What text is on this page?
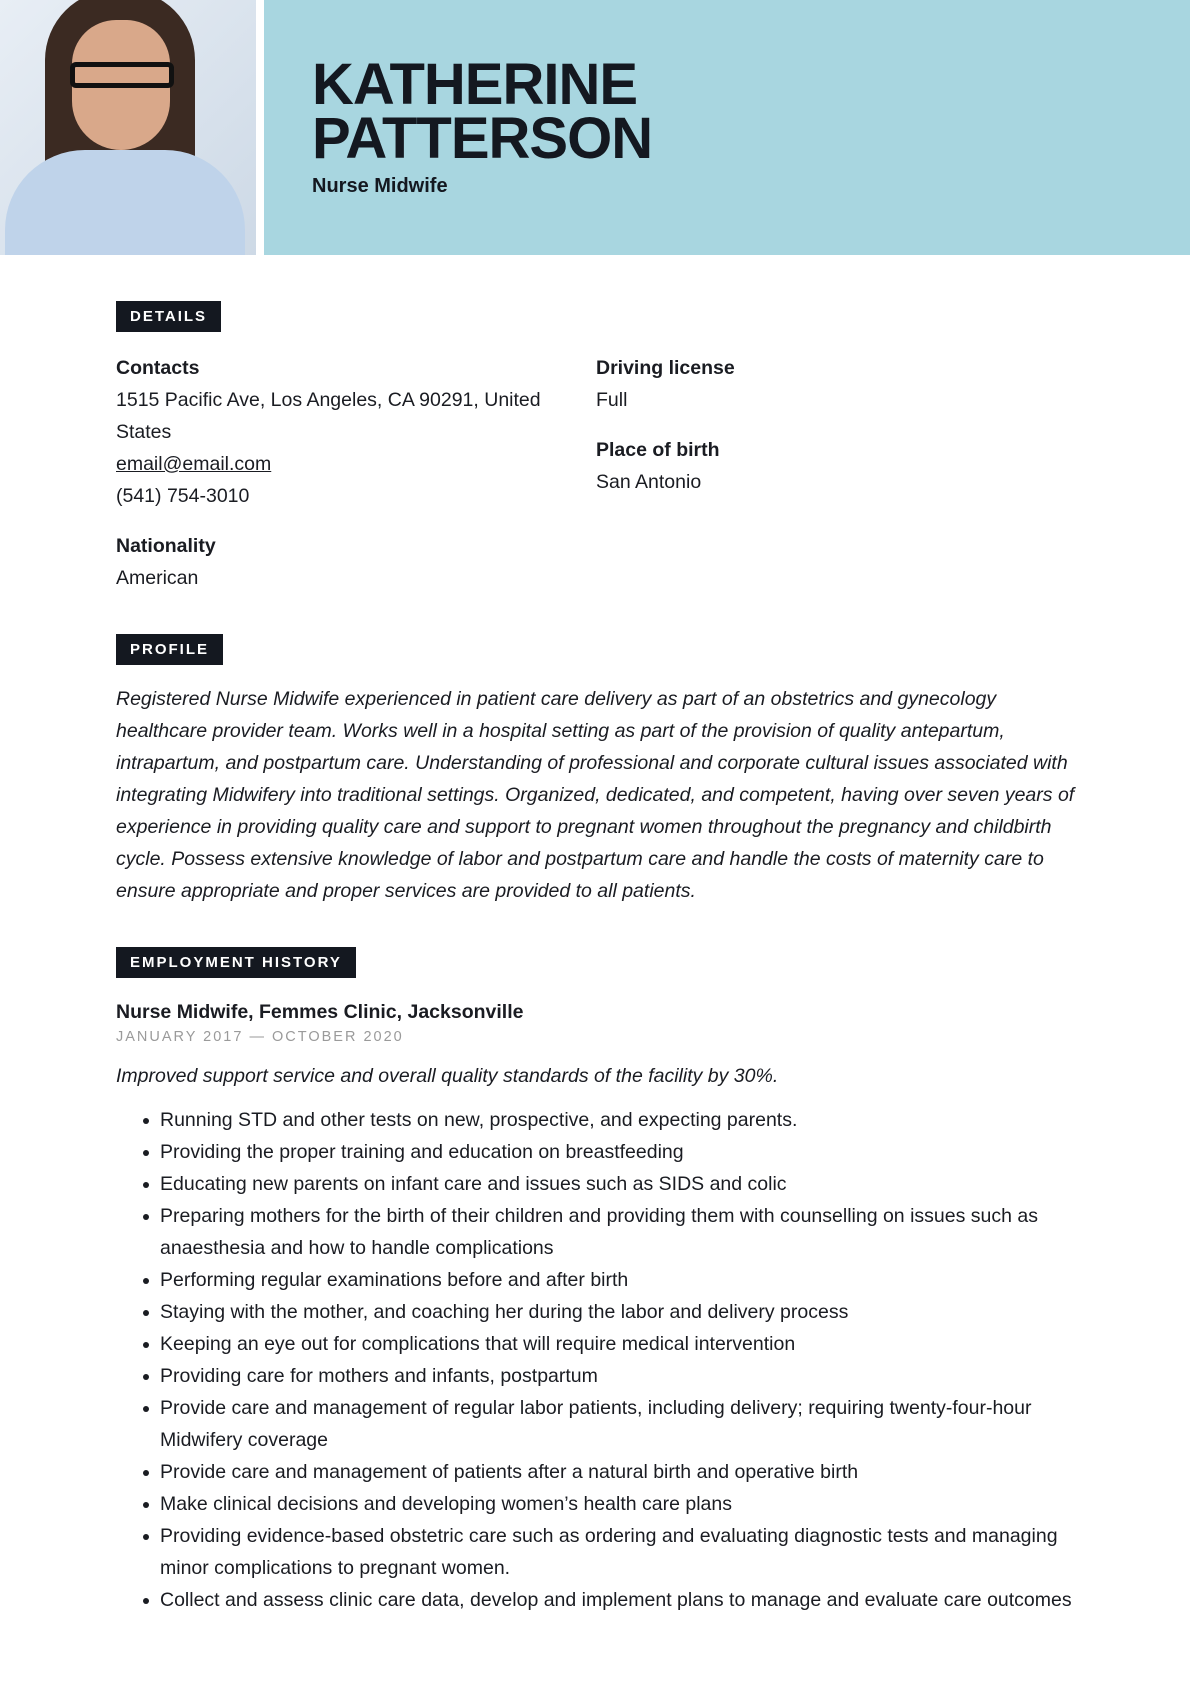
KATHERINE
PATTERSON
Nurse Midwife
DETAILS
Contacts
1515 Pacific Ave, Los Angeles, CA 90291, United States
email@email.com
(541) 754-3010
Nationality
American
Driving license
Full
Place of birth
San Antonio
PROFILE
Registered Nurse Midwife experienced in patient care delivery as part of an obstetrics and gynecology healthcare provider team. Works well in a hospital setting as part of the provision of quality antepartum, intrapartum, and postpartum care. Understanding of professional and corporate cultural issues associated with integrating Midwifery into traditional settings. Organized, dedicated, and competent, having over seven years of experience in providing quality care and support to pregnant women throughout the pregnancy and childbirth cycle. Possess extensive knowledge of labor and postpartum care and handle the costs of maternity care to ensure appropriate and proper services are provided to all patients.
EMPLOYMENT HISTORY
Nurse Midwife, Femmes Clinic, Jacksonville
JANUARY 2017 — OCTOBER 2020
Improved support service and overall quality standards of the facility by 30%.
Running STD and other tests on new, prospective, and expecting parents.
Providing the proper training and education on breastfeeding
Educating new parents on infant care and issues such as SIDS and colic
Preparing mothers for the birth of their children and providing them with counselling on issues such as anaesthesia and how to handle complications
Performing regular examinations before and after birth
Staying with the mother, and coaching her during the labor and delivery process
Keeping an eye out for complications that will require medical intervention
Providing care for mothers and infants, postpartum
Provide care and management of regular labor patients, including delivery; requiring twenty-four-hour Midwifery coverage
Provide care and management of patients after a natural birth and operative birth
Make clinical decisions and developing women’s health care plans
Providing evidence-based obstetric care such as ordering and evaluating diagnostic tests and managing minor complications to pregnant women.
Collect and assess clinic care data, develop and implement plans to manage and evaluate care outcomes
